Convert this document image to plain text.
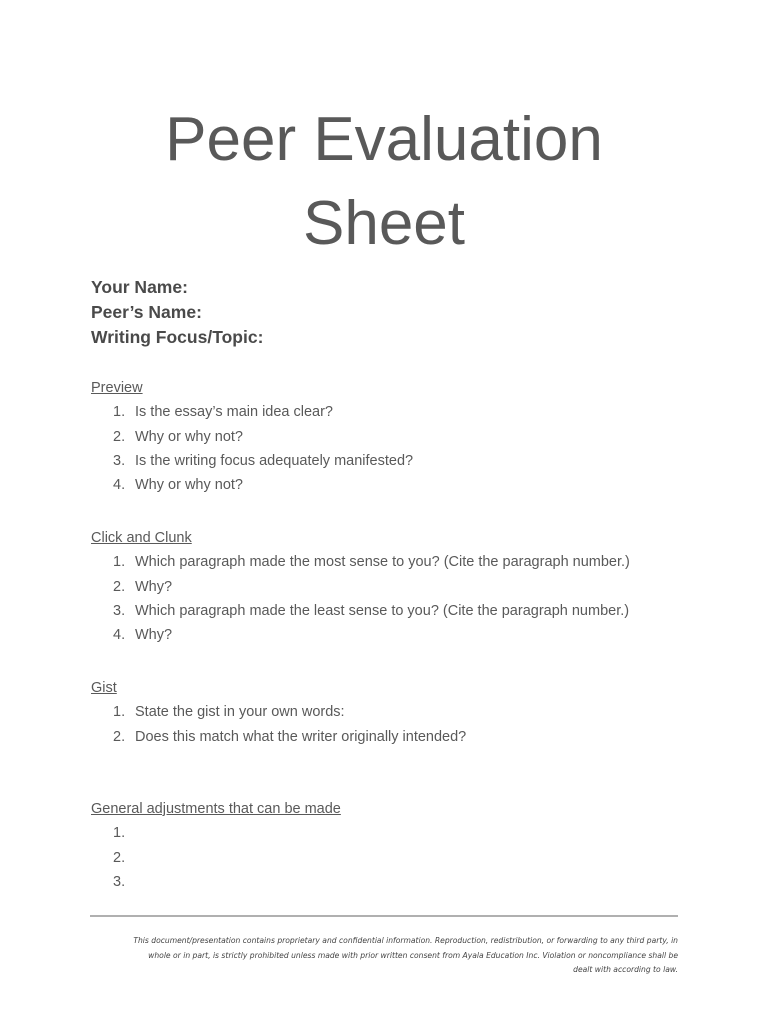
Peer Evaluation
Sheet
Your Name:
Peer’s Name:
Writing Focus/Topic:
Preview
1. Is the essay’s main idea clear?
2. Why or why not?
3. Is the writing focus adequately manifested?
4. Why or why not?
Click and Clunk
1. Which paragraph made the most sense to you? (Cite the paragraph number.)
2. Why?
3. Which paragraph made the least sense to you? (Cite the paragraph number.)
4. Why?
Gist
1. State the gist in your own words:
2. Does this match what the writer originally intended?
General adjustments that can be made
1.

2.

3.

This document/presentation contains proprietary and confidential information. Reproduction, redistribution, or forwarding to any third party, in
whole or in part, is strictly prohibited unless made with prior written consent from Ayala Education Inc. Violation or noncompliance shall be
dealt with according to law.
